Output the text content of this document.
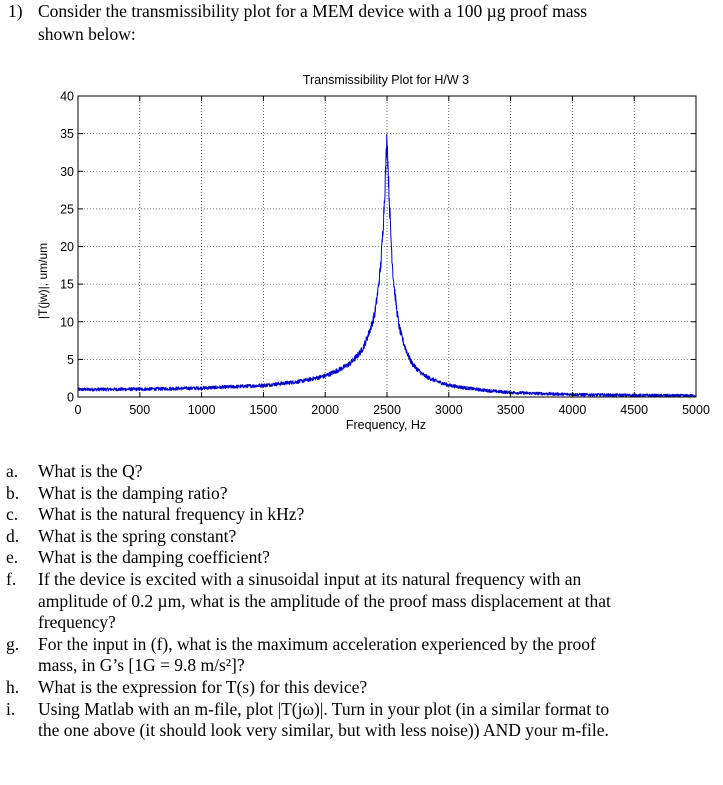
1) Consider the transmissibility plot for a MEM device with a 100 µg proof mass
shown below:
0	500	1000	1500	2000	2500	3000	3500	4000	4500	5000
0
5
10
15
20
25
30
35
40
Transmissibility Plot for H/W 3
Frequency, Hz
|T(jw)|, um/um
a. What is the Q?
b. What is the damping ratio?
c. What is the natural frequency in kHz?
d. What is the spring constant?
e. What is the damping coefficient?
f. If the device is excited with a sinusoidal input at its natural frequency with an
amplitude of 0.2 µm, what is the amplitude of the proof mass displacement at that
frequency?
g. For the input in (f), what is the maximum acceleration experienced by the proof
mass, in G’s [1G = 9.8 m/s²]?
h. What is the expression for T(s) for this device?
i. Using Matlab with an m-file, plot |T(jω)|. Turn in your plot (in a similar format to
the one above (it should look very similar, but with less noise)) AND your m-file.
